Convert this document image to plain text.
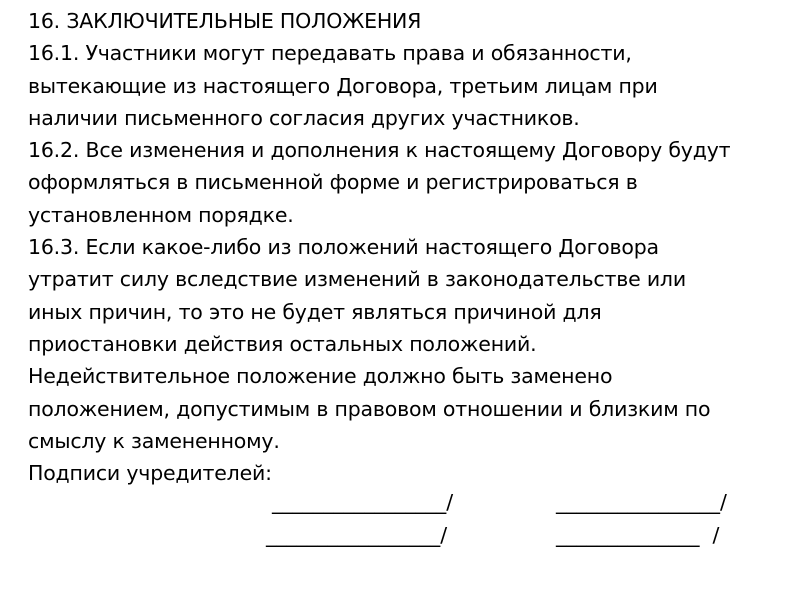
16. ЗАКЛЮЧИТЕЛЬНЫЕ ПОЛОЖЕНИЯ
16.1. Участники могут передавать права и обязанности,
вытекающие из настоящего Договора, третьим лицам при
наличии письменного согласия других участников.
16.2. Все изменения и дополнения к настоящему Договору будут
оформляться в письменной форме и регистрироваться в
установленном порядке.
16.3. Если какое-либо из положений настоящего Договора
утратит силу вследствие изменений в законодательстве или
иных причин, то это не будет являться причиной для
приостановки действия остальных положений.
Недействительное положение должно быть заменено
положением, допустимым в правовом отношении и близким по
смыслу к замененному.
Подписи учредителей:
_________________/	________________/
_________________/	______________  /
